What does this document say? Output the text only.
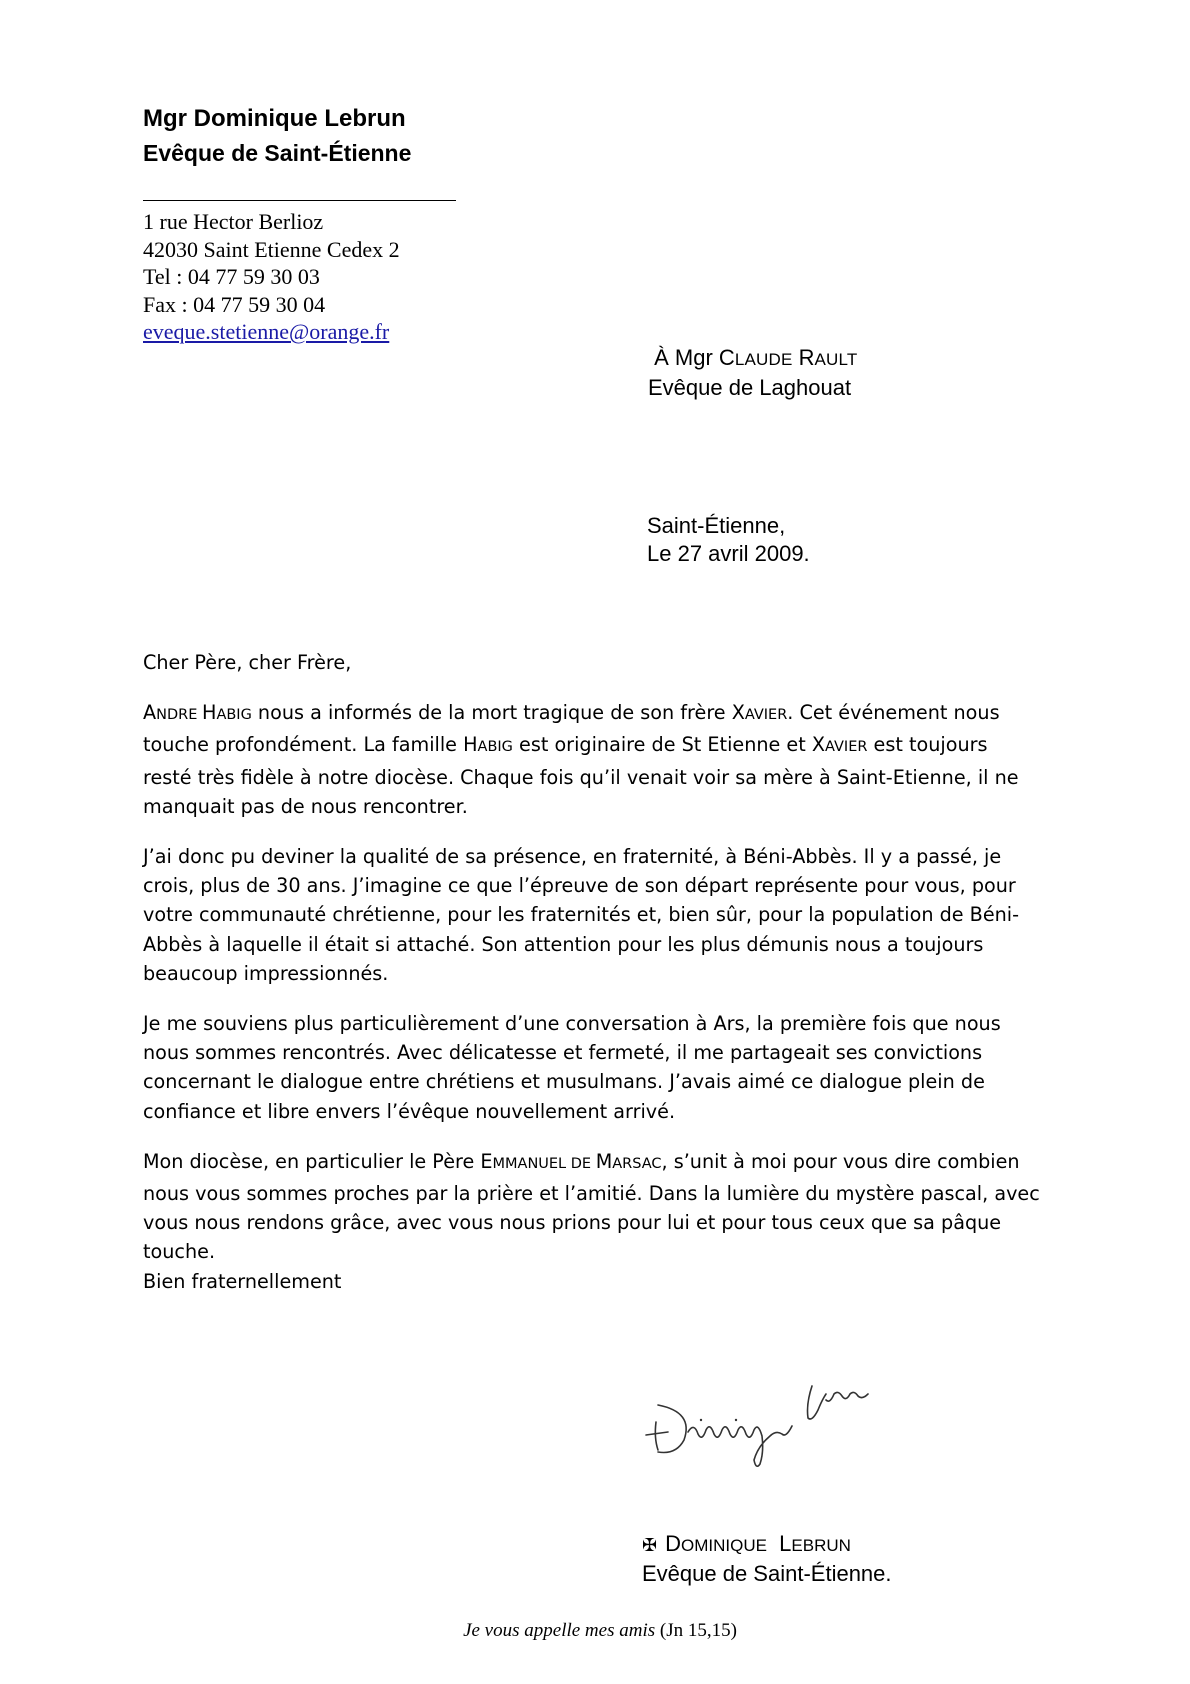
Mgr Dominique Lebrun
Evêque de Saint-Étienne
1 rue Hector Berlioz
42030 Saint Etienne Cedex 2
Tel : 04 77 59 30 03
Fax : 04 77 59 30 04
eveque.stetienne@orange.fr
À Mgr CLAUDE RAULT
Evêque de Laghouat
Saint-Étienne,
Le 27 avril 2009.

Cher Père, cher Frère,

ANDRE HABIG nous a informés de la mort tragique de son frère XAVIER. Cet événement nous
touche profondément. La famille HABIG est originaire de St Etienne et XAVIER est toujours
resté très fidèle à notre diocèse. Chaque fois qu’il venait voir sa mère à Saint-Etienne, il ne
manquait pas de nous rencontrer.

J’ai donc pu deviner la qualité de sa présence, en fraternité, à Béni-Abbès. Il y a passé, je
crois, plus de 30 ans. J’imagine ce que l’épreuve de son départ représente pour vous, pour
votre communauté chrétienne, pour les fraternités et, bien sûr, pour la population de Béni-
Abbès à laquelle il était si attaché. Son attention pour les plus démunis nous a toujours
beaucoup impressionnés.

Je me souviens plus particulièrement d’une conversation à Ars, la première fois que nous
nous sommes rencontrés. Avec délicatesse et fermeté, il me partageait ses convictions
concernant le dialogue entre chrétiens et musulmans. J’avais aimé ce dialogue plein de
confiance et libre envers l’évêque nouvellement arrivé.

Mon diocèse, en particulier le Père EMMANUEL DE MARSAC, s’unit à moi pour vous dire combien
nous vous sommes proches par la prière et l’amitié. Dans la lumière du mystère pascal, avec
vous nous rendons grâce, avec vous nous prions pour lui et pour tous ceux que sa pâque
touche.
Bien fraternellement

✠ DOMINIQUE LEBRUN
Evêque de Saint-Étienne.
Je vous appelle mes amis (Jn 15,15)
